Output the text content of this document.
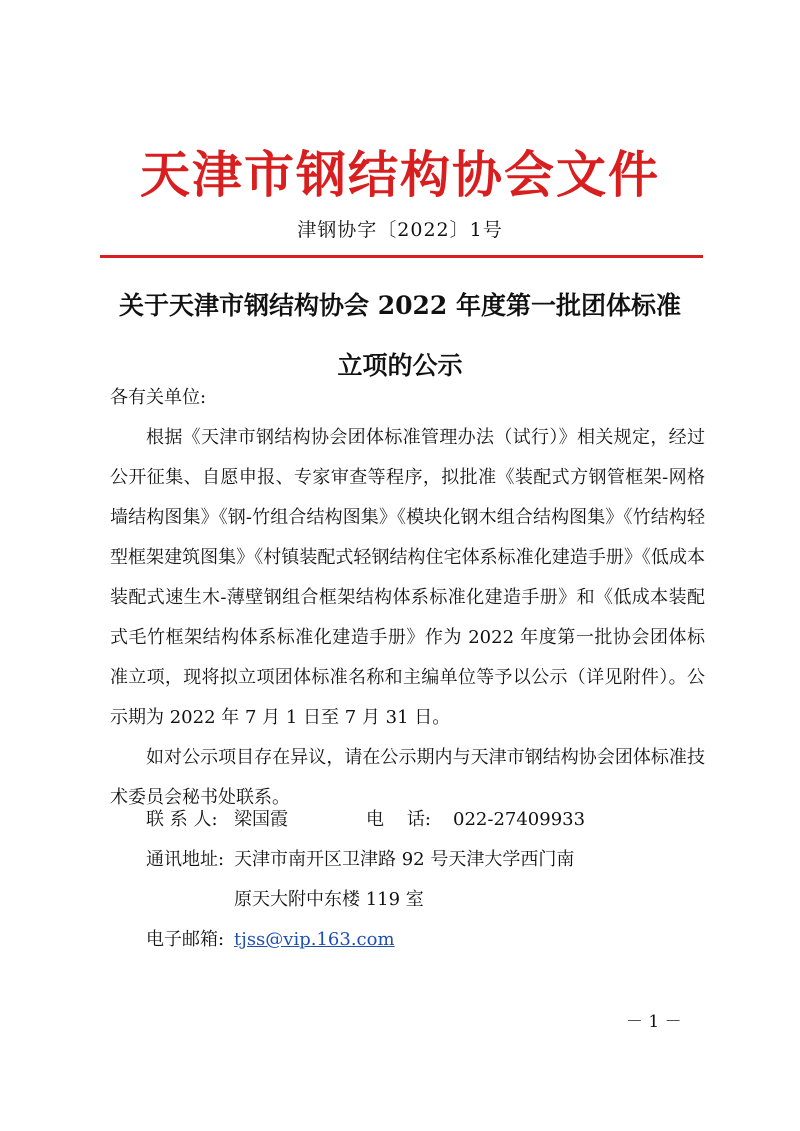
天津市钢结构协会文件
津钢协字〔2022〕1号
关于天津市钢结构协会 2022 年度第一批团体标准
立项的公示
各有关单位:
根据《天津市钢结构协会团体标准管理办法（试行）》相关规定，经过公开征集、自愿申报、专家审查等程序，拟批准《装配式方钢管框架-网格墙结构图集》《钢-竹组合结构图集》《模块化钢木组合结构图集》《竹结构轻型框架建筑图集》《村镇装配式轻钢结构住宅体系标准化建造手册》《低成本装配式速生木-薄壁钢组合框架结构体系标准化建造手册》和《低成本装配式毛竹框架结构体系标准化建造手册》作为 2022 年度第一批协会团体标准立项，现将拟立项团体标准名称和主编单位等予以公示（详见附件）。公示期为 2022 年 7 月 1 日至 7 月 31 日。
如对公示项目存在异议，请在公示期内与天津市钢结构协会团体标准技术委员会秘书处联系。
联 系 人: 梁国霞	电    话: 022-27409933
通讯地址: 天津市南开区卫津路 92 号天津大学西门南
原天大附中东楼 119 室
电子邮箱: tjss@vip.163.com
－ 1 －
